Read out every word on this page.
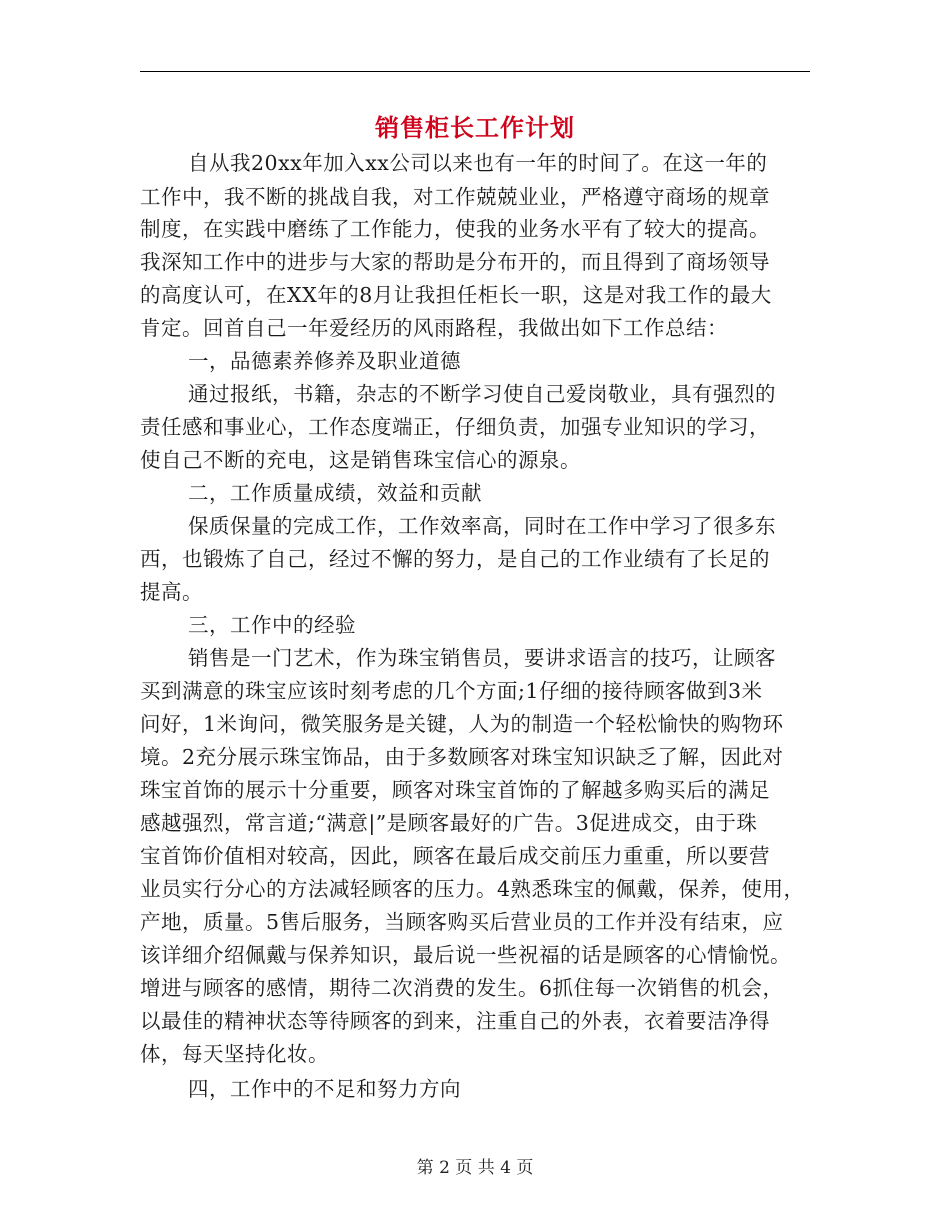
销售柜长工作计划
自从我20xx年加入xx公司以来也有一年的时间了。在这一年的
工作中，我不断的挑战自我，对工作兢兢业业，严格遵守商场的规章
制度，在实践中磨练了工作能力，使我的业务水平有了较大的提高。
我深知工作中的进步与大家的帮助是分布开的，而且得到了商场领导
的高度认可，在XX年的8月让我担任柜长一职，这是对我工作的最大
肯定。回首自己一年爱经历的风雨路程，我做出如下工作总结：
一，品德素养修养及职业道德
通过报纸，书籍，杂志的不断学习使自己爱岗敬业，具有强烈的
责任感和事业心，工作态度端正，仔细负责，加强专业知识的学习，
使自己不断的充电，这是销售珠宝信心的源泉。
二，工作质量成绩，效益和贡献
保质保量的完成工作，工作效率高，同时在工作中学习了很多东
西，也锻炼了自己，经过不懈的努力，是自己的工作业绩有了长足的
提高。
三，工作中的经验
销售是一门艺术，作为珠宝销售员，要讲求语言的技巧，让顾客
买到满意的珠宝应该时刻考虑的几个方面;1仔细的接待顾客做到3米
问好，1米询问，微笑服务是关键，人为的制造一个轻松愉快的购物环
境。2充分展示珠宝饰品，由于多数顾客对珠宝知识缺乏了解，因此对
珠宝首饰的展示十分重要，顾客对珠宝首饰的了解越多购买后的满足
感越强烈，常言道;“满意|”是顾客最好的广告。3促进成交，由于珠
宝首饰价值相对较高，因此，顾客在最后成交前压力重重，所以要营
业员实行分心的方法减轻顾客的压力。4熟悉珠宝的佩戴，保养，使用，
产地，质量。5售后服务，当顾客购买后营业员的工作并没有结束，应
该详细介绍佩戴与保养知识，最后说一些祝福的话是顾客的心情愉悦。
增进与顾客的感情，期待二次消费的发生。6抓住每一次销售的机会，
以最佳的精神状态等待顾客的到来，注重自己的外表，衣着要洁净得
体，每天坚持化妆。
四，工作中的不足和努力方向
第 2 页 共 4 页
